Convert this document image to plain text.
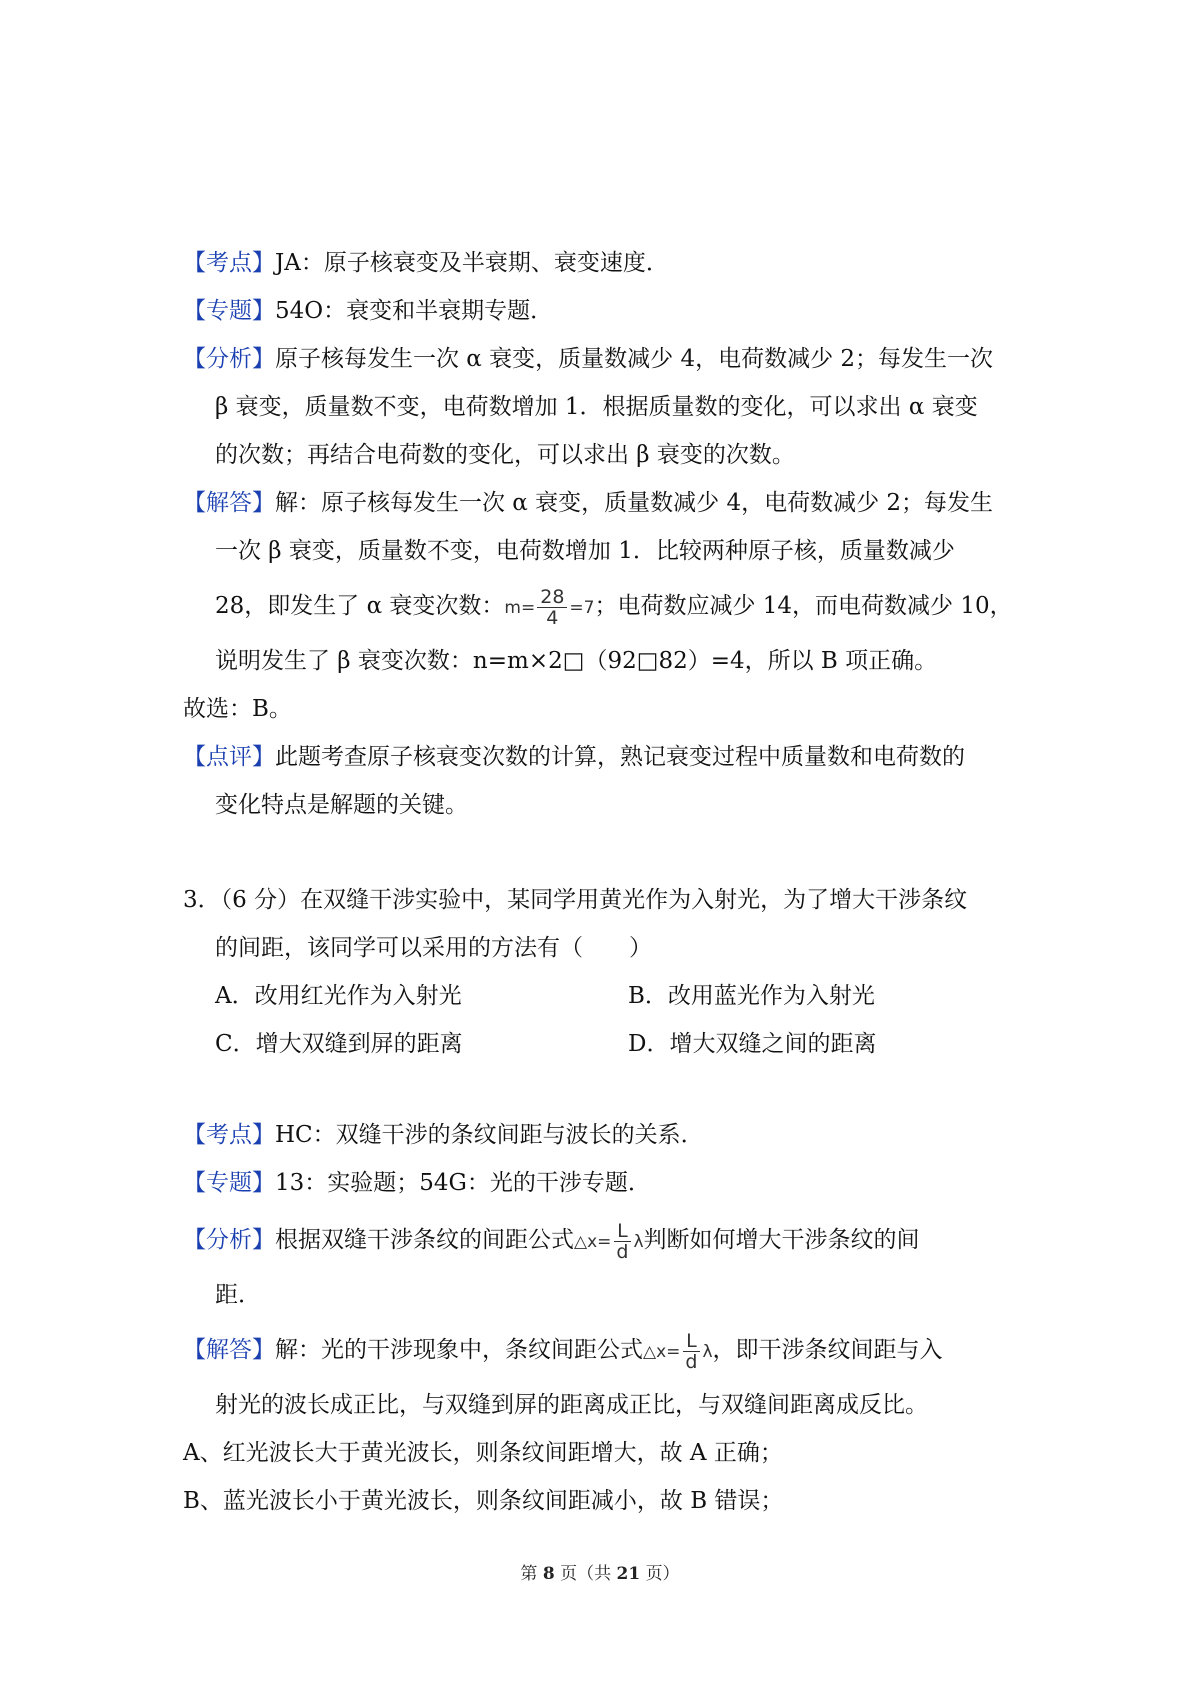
【考点】JA：原子核衰变及半衰期、衰变速度．
【专题】54O：衰变和半衰期专题．
【分析】原子核每发生一次 α 衰变，质量数减少 4，电荷数减少 2；每发生一次
β 衰变，质量数不变，电荷数增加 1．根据质量数的变化，可以求出 α 衰变
的次数；再结合电荷数的变化，可以求出 β 衰变的次数。
【解答】解：原子核每发生一次 α 衰变，质量数减少 4，电荷数减少 2；每发生
一次 β 衰变，质量数不变，电荷数增加 1．比较两种原子核，质量数减少
28，即发生了 α 衰变次数：$m= \frac{28}{4} =7$；电荷数应减少 14，而电荷数减少 10，
说明发生了 β 衰变次数：n=m×2□（92□82）=4，所以 B 项正确。
故选：B。
【点评】此题考查原子核衰变次数的计算，熟记衰变过程中质量数和电荷数的
变化特点是解题的关键。
3．（6 分）在双缝干涉实验中，某同学用黄光作为入射光，为了增大干涉条纹
的间距，该同学可以采用的方法有（　　）
A．改用红光作为入射光	B．改用蓝光作为入射光
C．增大双缝到屏的距离	D．增大双缝之间的距离
【考点】HC：双缝干涉的条纹间距与波长的关系．
【专题】13：实验题；54G：光的干涉专题．
【分析】根据双缝干涉条纹的间距公式△x= $\frac{L}{d}$ λ判断如何增大干涉条纹的间
距．
【解答】解：光的干涉现象中，条纹间距公式△x= $\frac{L}{d}$ λ，即干涉条纹间距与入
射光的波长成正比，与双缝到屏的距离成正比，与双缝间距离成反比。
A、红光波长大于黄光波长，则条纹间距增大，故 A 正确；
B、蓝光波长小于黄光波长，则条纹间距减小，故 B 错误；
第 8 页（共 21 页）
